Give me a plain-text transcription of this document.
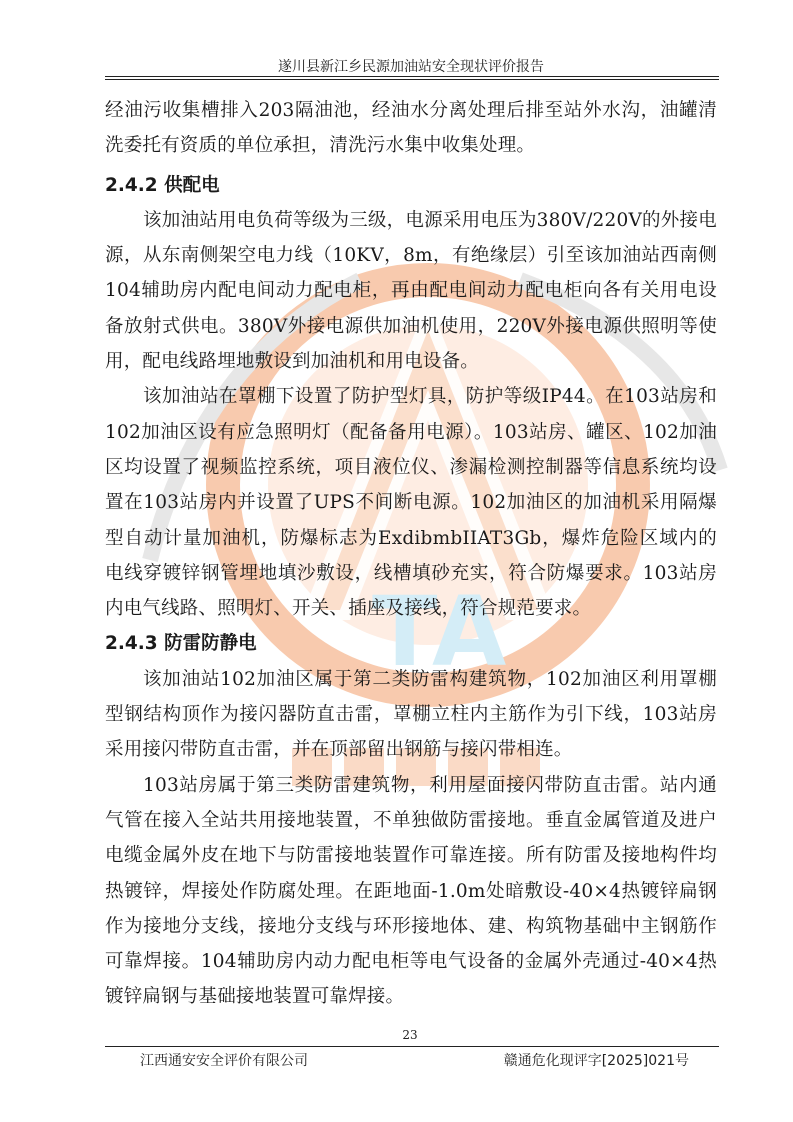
遂川县新江乡民源加油站安全现状评价报告
T
A

经油污收集槽排入203隔油池，经油水分离处理后排至站外水沟，油罐清洗委托有资质的单位承担，清洗污水集中收集处理。

2.4.2 供配电

该加油站用电负荷等级为三级，电源采用电压为380V/220V的外接电源，从东南侧架空电力线（10KV，8m，有绝缘层）引至该加油站西南侧104辅助房内配电间动力配电柜，再由配电间动力配电柜向各有关用电设备放射式供电。380V外接电源供加油机使用，220V外接电源供照明等使用，配电线路埋地敷设到加油机和用电设备。

该加油站在罩棚下设置了防护型灯具，防护等级IP44。在103站房和102加油区设有应急照明灯（配备备用电源）。103站房、罐区、102加油区均设置了视频监控系统，项目液位仪、渗漏检测控制器等信息系统均设置在103站房内并设置了UPS不间断电源。102加油区的加油机采用隔爆型自动计量加油机，防爆标志为ExdibmbIIAT3Gb，爆炸危险区域内的电线穿镀锌钢管埋地填沙敷设，线槽填砂充实，符合防爆要求。103站房内电气线路、照明灯、开关、插座及接线，符合规范要求。

2.4.3 防雷防静电

该加油站102加油区属于第二类防雷构建筑物，102加油区利用罩棚型钢结构顶作为接闪器防直击雷，罩棚立柱内主筋作为引下线，103站房采用接闪带防直击雷，并在顶部留出钢筋与接闪带相连。

103站房属于第三类防雷建筑物，利用屋面接闪带防直击雷。站内通气管在接入全站共用接地装置，不单独做防雷接地。垂直金属管道及进户电缆金属外皮在地下与防雷接地装置作可靠连接。所有防雷及接地构件均热镀锌，焊接处作防腐处理。在距地面-1.0m处暗敷设-40×4热镀锌扁钢作为接地分支线，接地分支线与环形接地体、建、构筑物基础中主钢筋作可靠焊接。104辅助房内动力配电柜等电气设备的金属外壳通过-40×4热镀锌扁钢与基础接地装置可靠焊接。

23
江西通安安全评价有限公司	赣通危化现评字[2025]021号
